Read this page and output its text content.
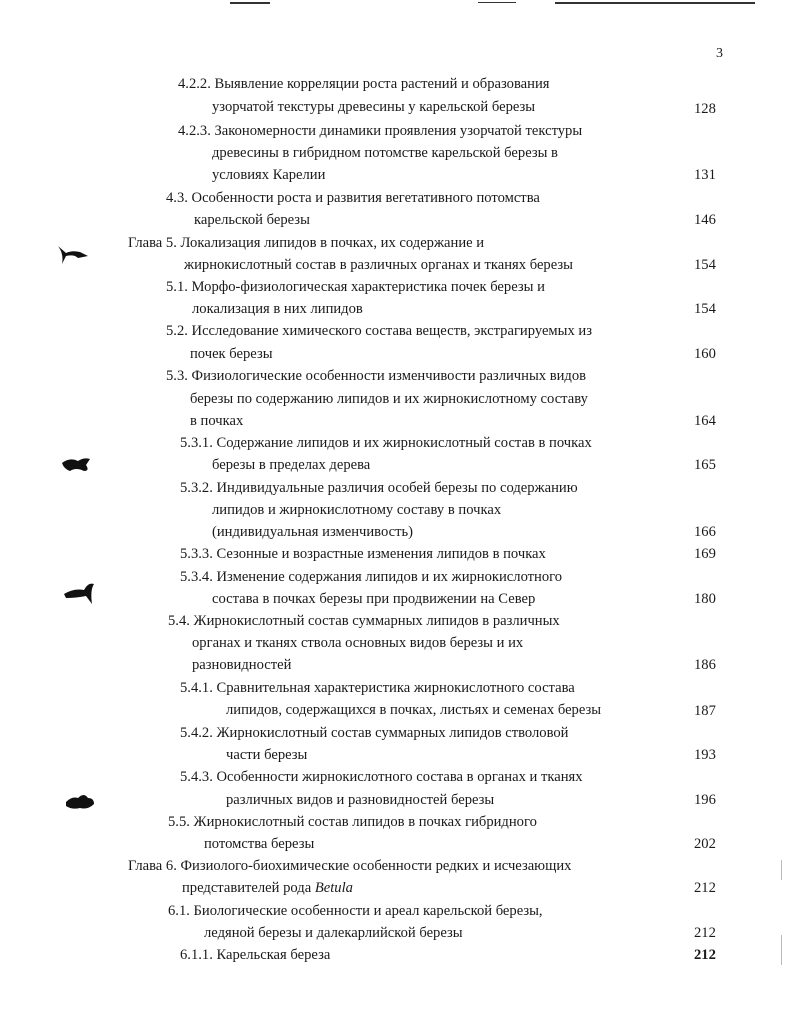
3
4.2.2. Выявление корреляции роста растений и образования
узорчатой текстуры древесины у карельской березы	128
4.2.3. Закономерности динамики проявления узорчатой текстуры
древесины в гибридном потомстве карельской березы в
условиях Карелии	131
4.3. Особенности роста и развития вегетативного потомства
карельской березы	146
Глава 5. Локализация липидов в почках, их содержание и
жирнокислотный состав в различных органах и тканях березы	154
5.1. Морфо-физиологическая характеристика почек березы и
локализация в них липидов	154
5.2. Исследование химического состава веществ, экстрагируемых из
почек березы	160
5.3. Физиологические особенности изменчивости различных видов
березы по содержанию липидов и их жирнокислотному составу
в почках	164
5.3.1. Содержание липидов и их жирнокислотный состав в почках
березы в пределах дерева	165
5.3.2. Индивидуальные различия особей березы по содержанию
липидов и жирнокислотному составу в почках
(индивидуальная изменчивость)	166
5.3.3. Сезонные и возрастные изменения липидов в почках	169
5.3.4. Изменение содержания липидов и их жирнокислотного
состава в почках березы при продвижении на Север	180
5.4. Жирнокислотный состав суммарных липидов в различных
органах и тканях ствола основных видов березы и их
разновидностей	186
5.4.1. Сравнительная характеристика жирнокислотного состава
липидов, содержащихся в почках, листьях и семенах березы	187
5.4.2. Жирнокислотный состав суммарных липидов стволовой
части березы	193
5.4.3. Особенности жирнокислотного состава в органах и тканях
различных видов и разновидностей березы	196
5.5. Жирнокислотный состав липидов в почках гибридного
потомства березы	202
Глава 6. Физиолого-биохимические особенности редких и исчезающих
представителей рода Betula	212
6.1. Биологические особенности и ареал карельской березы,
ледяной березы и далекарлийской березы	212
6.1.1. Карельская береза	212
